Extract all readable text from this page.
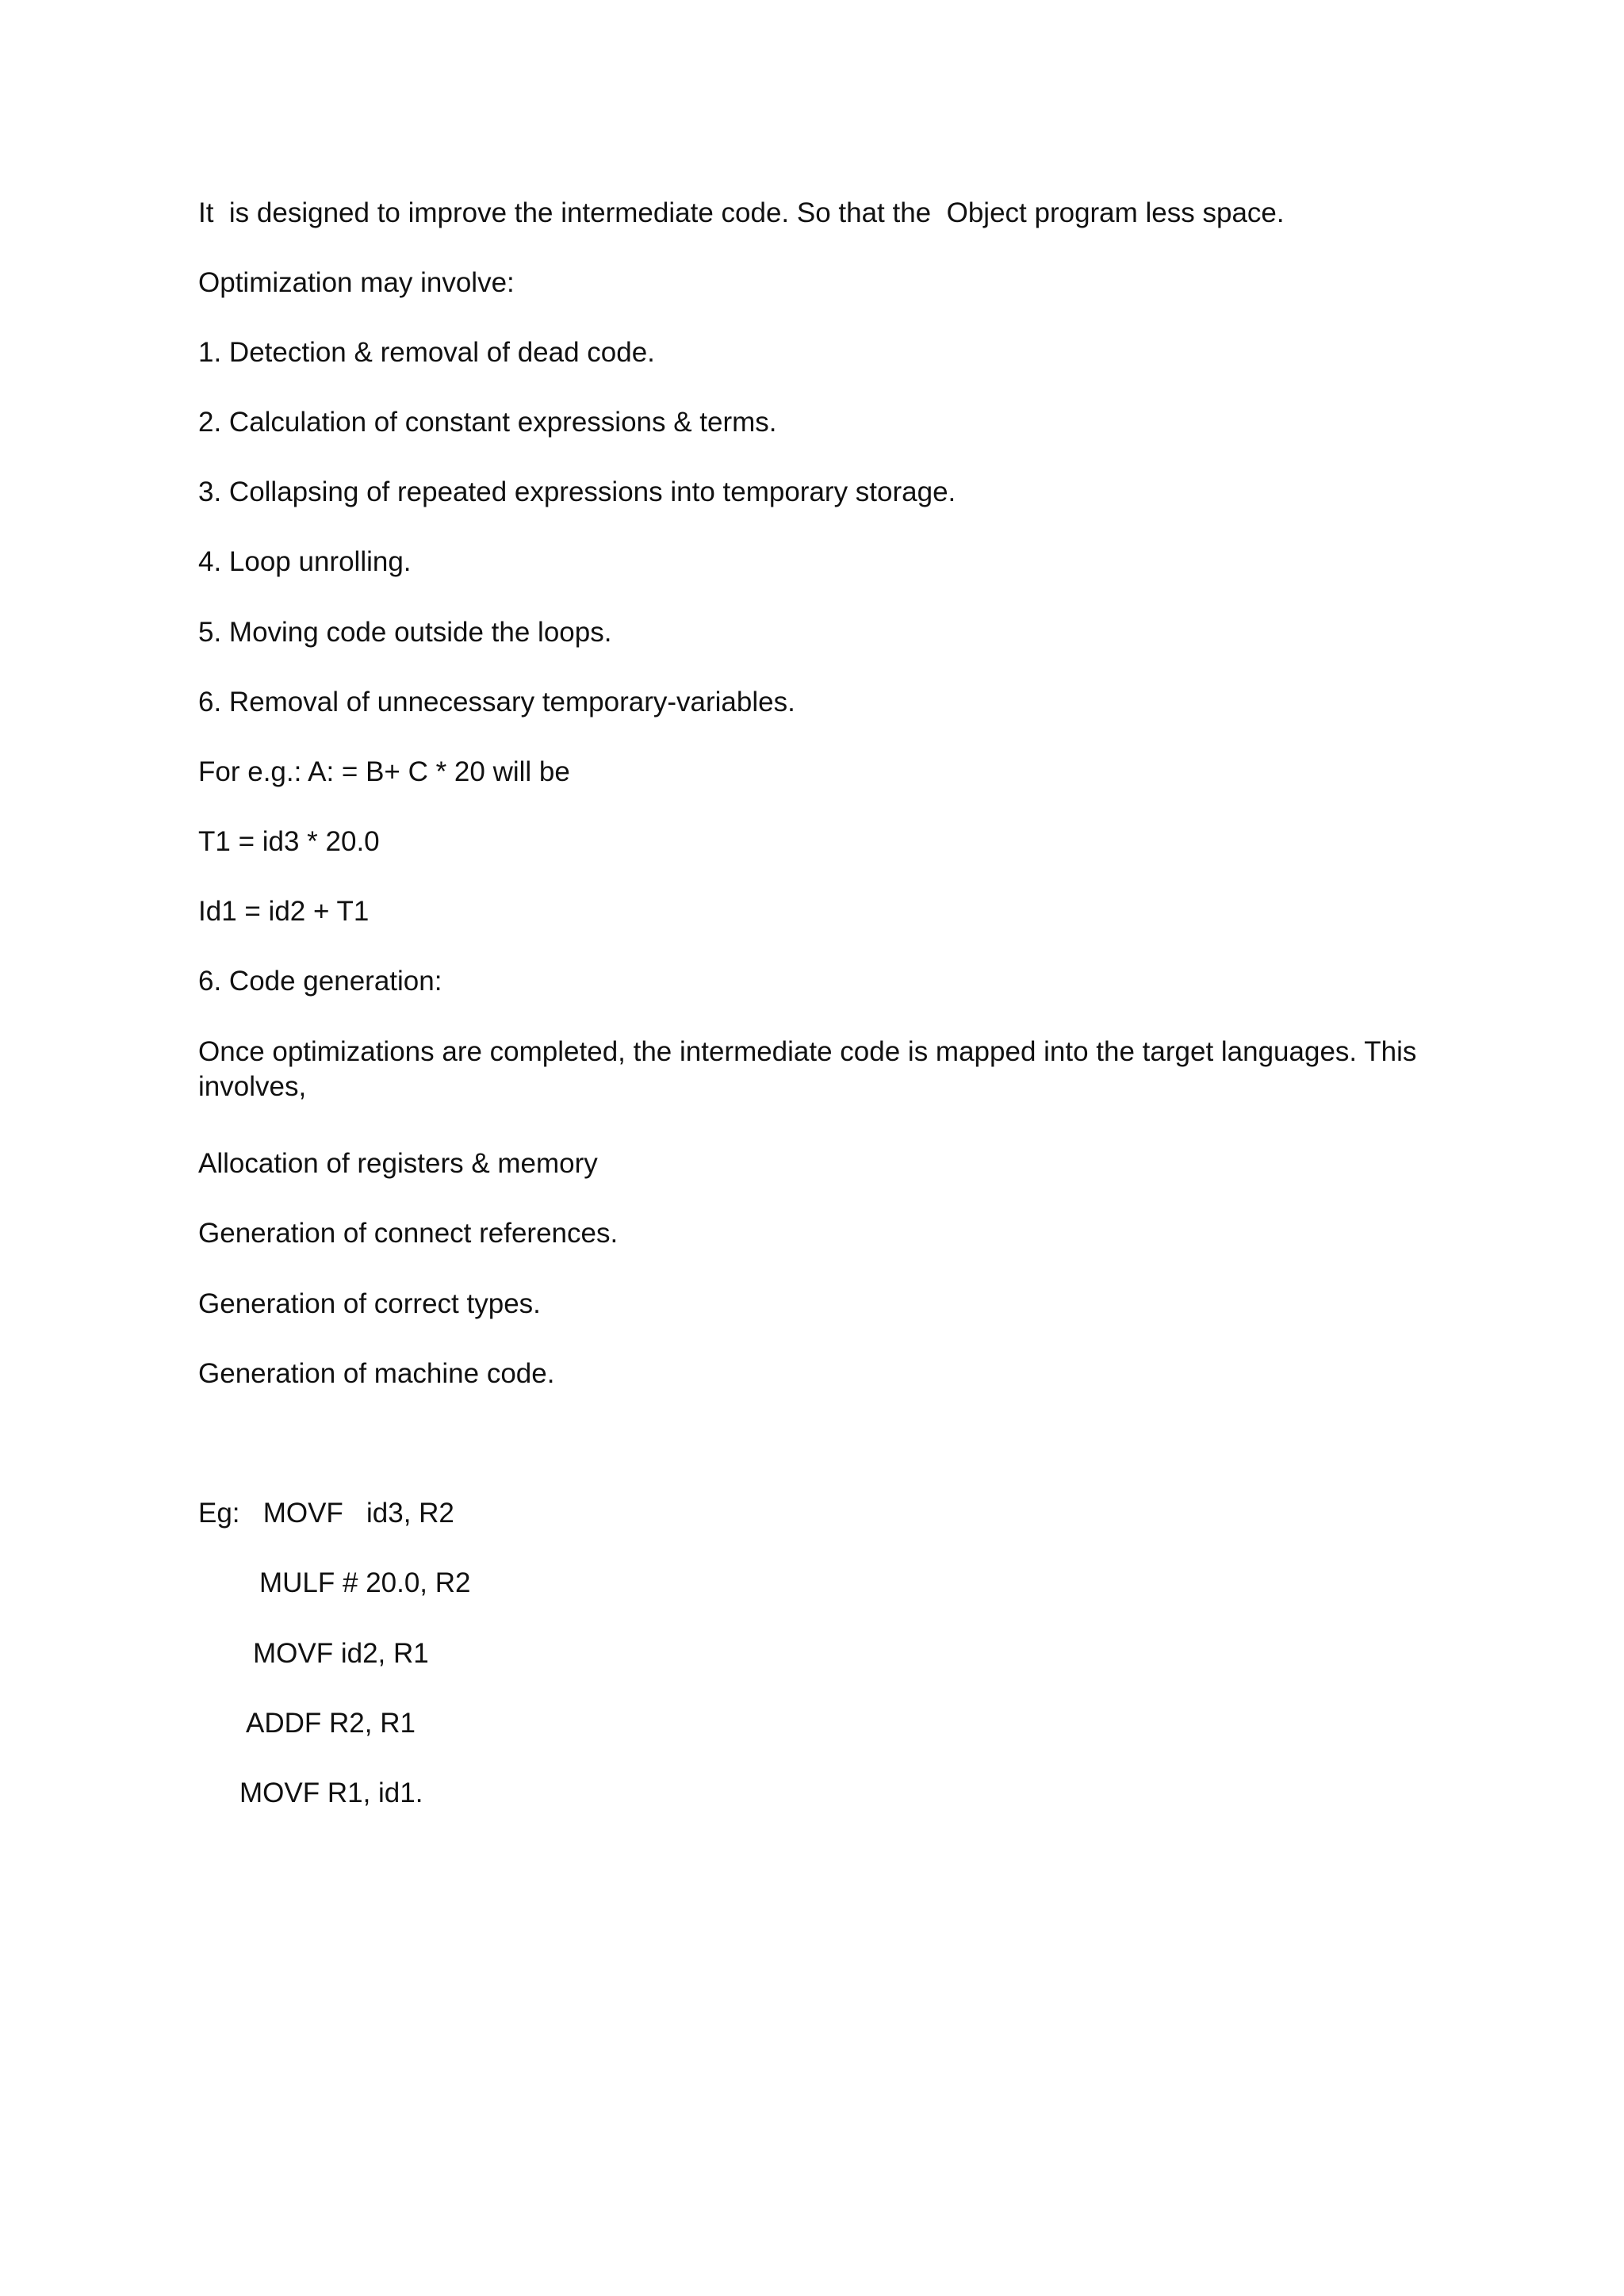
It  is designed to improve the intermediate code. So that the  Object program less space.

Optimization may involve:

1. Detection & removal of dead code.

2. Calculation of constant expressions & terms.

3. Collapsing of repeated expressions into temporary storage.

4. Loop unrolling.

5. Moving code outside the loops.

6. Removal of unnecessary temporary-variables.

For e.g.: A: = B+ C * 20 will be

T1 = id3 * 20.0

Id1 = id2 + T1

6. Code generation:

Once optimizations are completed, the intermediate code is mapped into the target languages. This involves,

Allocation of registers & memory

Generation of connect references.

Generation of correct types.

Generation of machine code.

Eg:   MOVF   id3, R2

MULF # 20.0, R2

MOVF id2, R1

ADDF R2, R1

MOVF R1, id1.
